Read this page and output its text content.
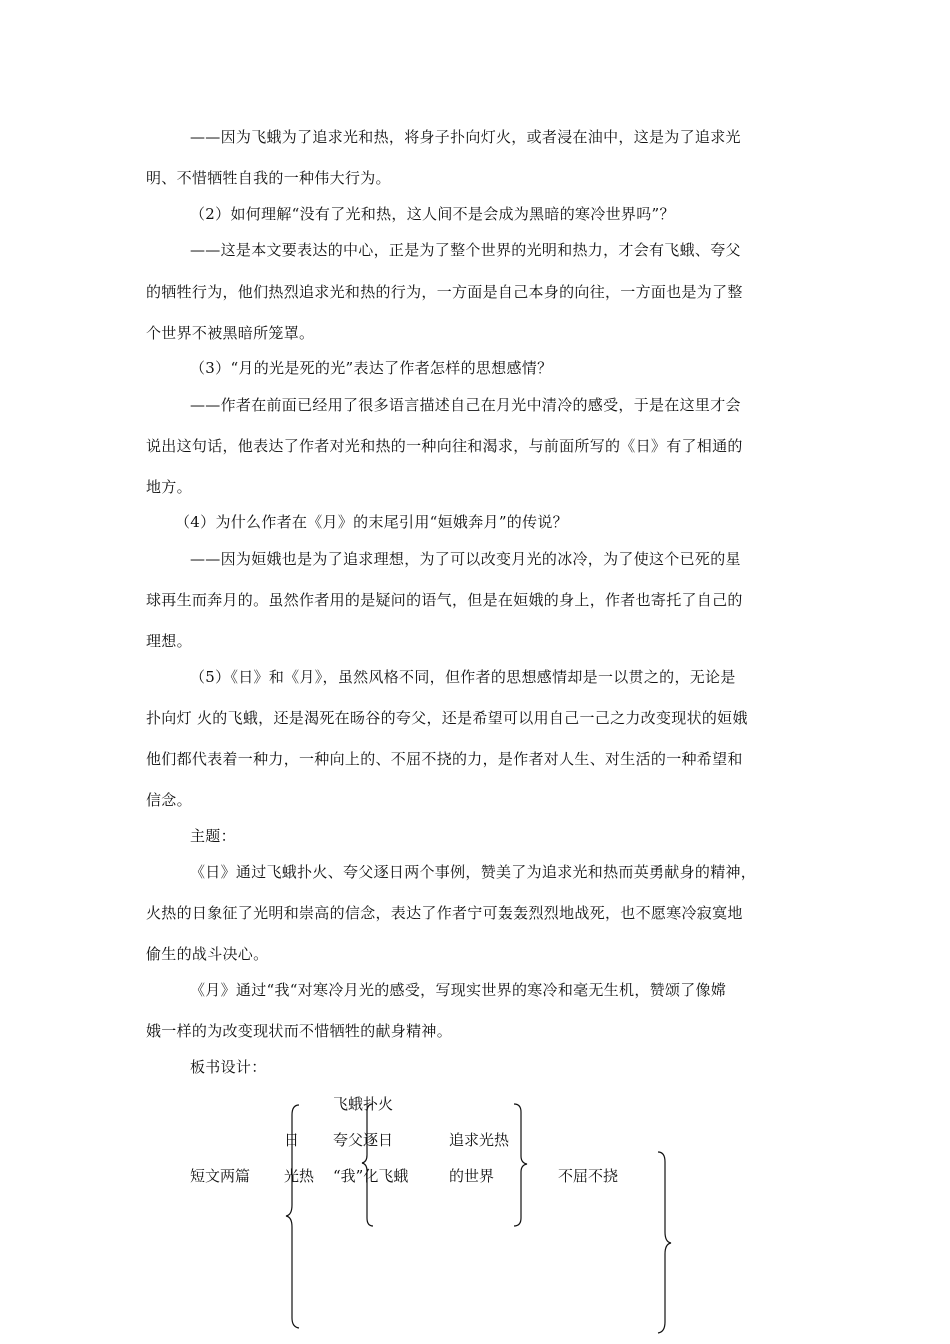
——因为飞蛾为了追求光和热，将身子扑向灯火，或者浸在油中，这是为了追求光
明、不惜牺牲自我的一种伟大行为。
（2）如何理解“没有了光和热，这人间不是会成为黑暗的寒冷世界吗”？
——这是本文要表达的中心，正是为了整个世界的光明和热力，才会有飞蛾、夸父
的牺牲行为，他们热烈追求光和热的行为，一方面是自己本身的向往，一方面也是为了整
个世界不被黑暗所笼罩。
（3）“月的光是死的光”表达了作者怎样的思想感情？
——作者在前面已经用了很多语言描述自己在月光中清冷的感受，于是在这里才会
说出这句话，他表达了作者对光和热的一种向往和渴求，与前面所写的《日》有了相通的
地方。
（4）为什么作者在《月》的末尾引用“姮娥奔月”的传说？
——因为姮娥也是为了追求理想，为了可以改变月光的冰冷，为了使这个已死的星
球再生而奔月的。虽然作者用的是疑问的语气，但是在姮娥的身上，作者也寄托了自己的
理想。
（5）《日》和《月》，虽然风格不同，但作者的思想感情却是一以贯之的，无论是
扑向灯 火的飞蛾，还是渴死在旸谷的夸父，还是希望可以用自己一己之力改变现状的姮娥
他们都代表着一种力，一种向上的、不屈不挠的力，是作者对人生、对生活的一种希望和
信念。
主题：
《日》通过飞蛾扑火、夸父逐日两个事例，赞美了为追求光和热而英勇献身的精神，
火热的日象征了光明和崇高的信念，表达了作者宁可轰轰烈烈地战死，也不愿寒冷寂寞地
偷生的战斗决心。
《月》通过“我“对寒冷月光的感受，写现实世界的寒冷和毫无生机，赞颂了像嫦
娥一样的为改变现状而不惜牺牲的献身精神。
板书设计：
飞蛾扑火
日 夸父逐日	追求光热
短文两篇 光热 “我”化飞蛾	的世界	不屈不挠
